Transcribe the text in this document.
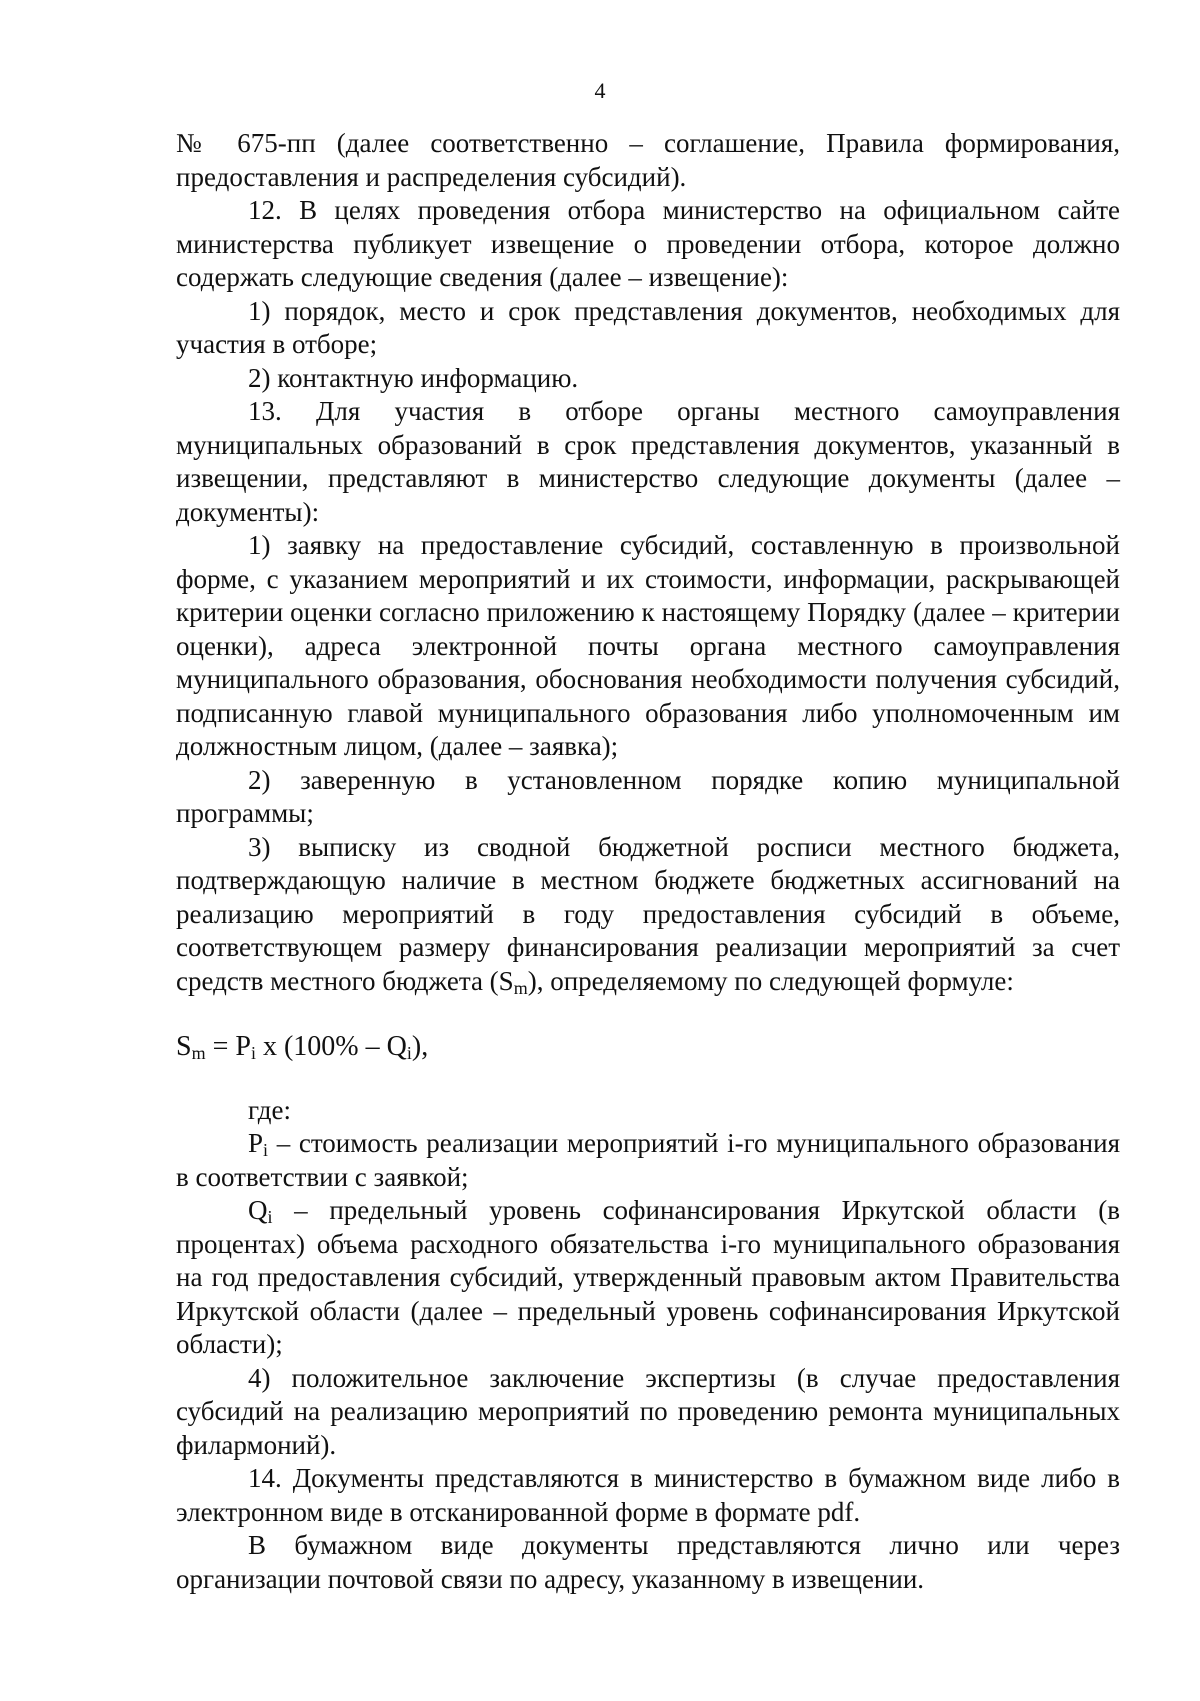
4

№ 675-пп (далее соответственно – соглашение, Правила формирования, предоставления и распределения субсидий).

12. В целях проведения отбора министерство на официальном сайте министерства публикует извещение о проведении отбора, которое должно содержать следующие сведения (далее – извещение):

1) порядок, место и срок представления документов, необходимых для участия в отборе;

2) контактную информацию.

13. Для участия в отборе органы местного самоуправления муниципальных образований в срок представления документов, указанный в извещении, представляют в министерство следующие документы (далее – документы):

1) заявку на предоставление субсидий, составленную в произвольной форме, с указанием мероприятий и их стоимости, информации, раскрывающей критерии оценки согласно приложению к настоящему Порядку (далее – критерии оценки), адреса электронной почты органа местного самоуправления муниципального образования, обоснования необходимости получения субсидий, подписанную главой муниципального образования либо уполномоченным им должностным лицом, (далее – заявка);

2) заверенную в установленном порядке копию муниципальной программы;

3) выписку из сводной бюджетной росписи местного бюджета, подтверждающую наличие в местном бюджете бюджетных ассигнований на реализацию мероприятий в году предоставления субсидий в объеме, соответствующем размеру финансирования реализации мероприятий за счет средств местного бюджета $(S_m)$, определяемому по следующей формуле:

$S_m = P_i$ x $(100\% - Q_i)$,

где:

$P_i$ – стоимость реализации мероприятий i-го муниципального образования в соответствии с заявкой;

$Q_i$ – предельный уровень софинансирования Иркутской области (в процентах) объема расходного обязательства i-го муниципального образования на год предоставления субсидий, утвержденный правовым актом Правительства Иркутской области (далее – предельный уровень софинансирования Иркутской области);

4) положительное заключение экспертизы (в случае предоставления субсидий на реализацию мероприятий по проведению ремонта муниципальных филармоний).

14. Документы представляются в министерство в бумажном виде либо в электронном виде в отсканированной форме в формате pdf.

В бумажном виде документы представляются лично или через организации почтовой связи по адресу, указанному в извещении.
